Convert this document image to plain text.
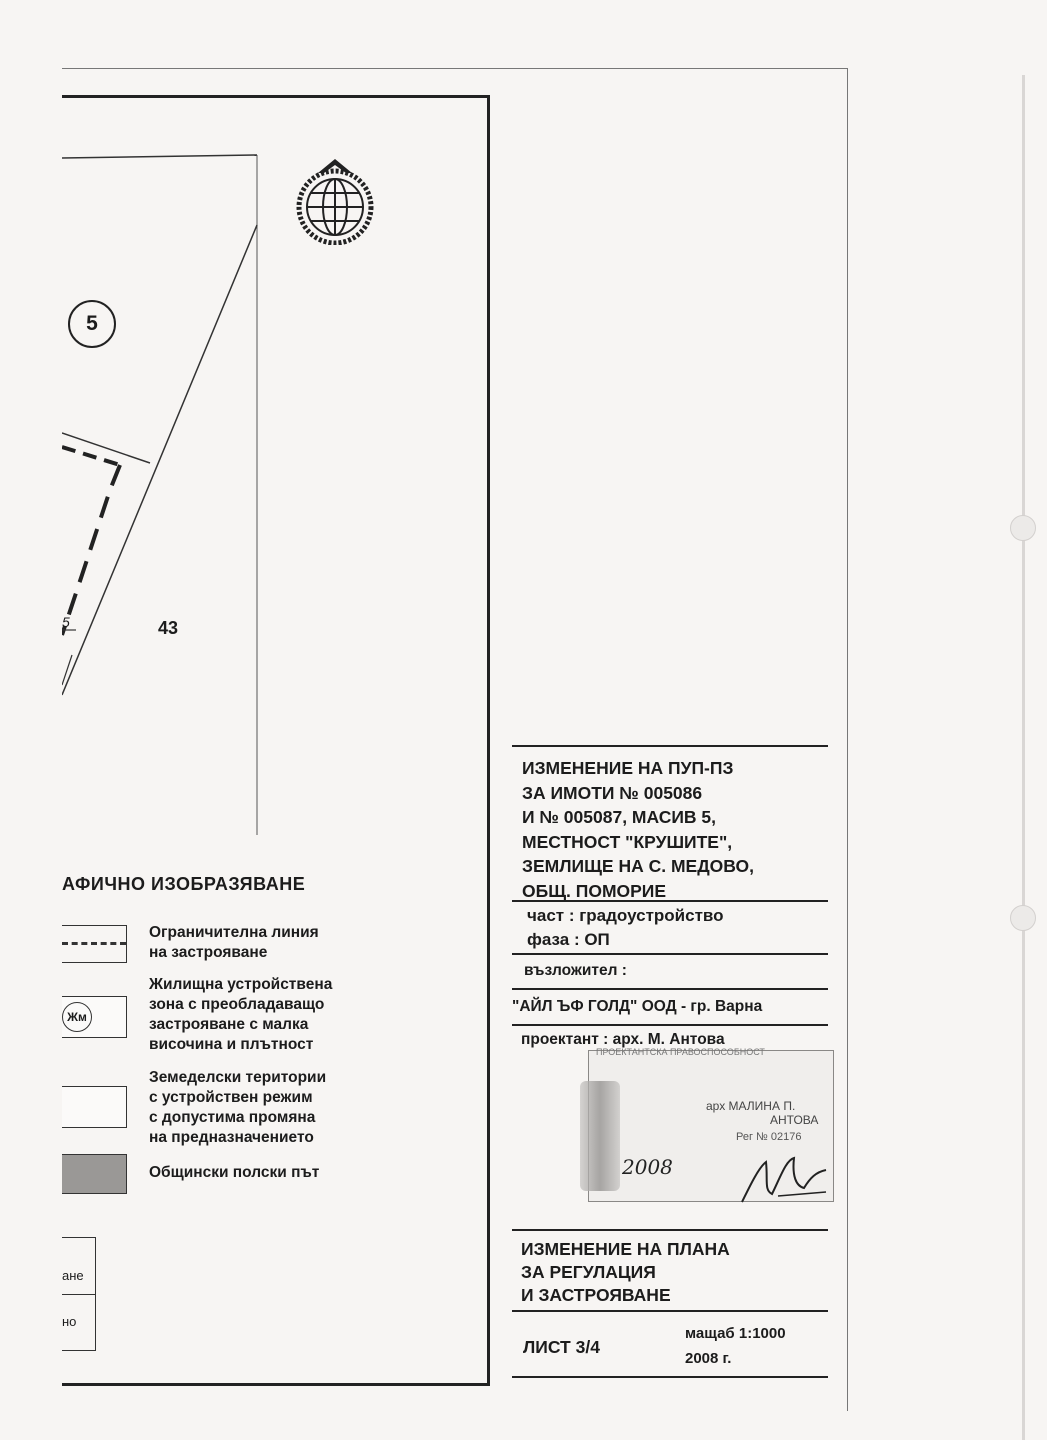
5
5	43
АФИЧНО ИЗОБРАЗЯВАНЕ
Ограничителна линия
на застрояване
Жм
Жилищна устройствена
зона с преобладаващо
застрояване с малка
височина и плътност
Земеделски територии
с устройствен режим
с допустима промяна
на предназначението
Общински полски път
ане
но
ИЗМЕНЕНИЕ НА ПУП-ПЗ
ЗА ИМОТИ № 005086
И № 005087, МАСИВ 5,
МЕСТНОСТ "КРУШИТЕ",
ЗЕМЛИЩЕ НА С. МЕДОВО,
ОБЩ. ПОМОРИЕ
част : градоустройство
фаза : ОП
възложител :
"АЙЛ ЪФ ГОЛД" ООД - гр. Варна
проектант : арх. М. Антова
ПРОЕКТАНТСКА ПРАВОСПОСОБНОСТ
арх МАЛИНА П.
АНТОВА
Рег № 02176
2008
ИЗМЕНЕНИЕ НА ПЛАНА
ЗА РЕГУЛАЦИЯ
И ЗАСТРОЯВАНЕ
ЛИСТ 3/4
мащаб 1:1000
2008 г.
